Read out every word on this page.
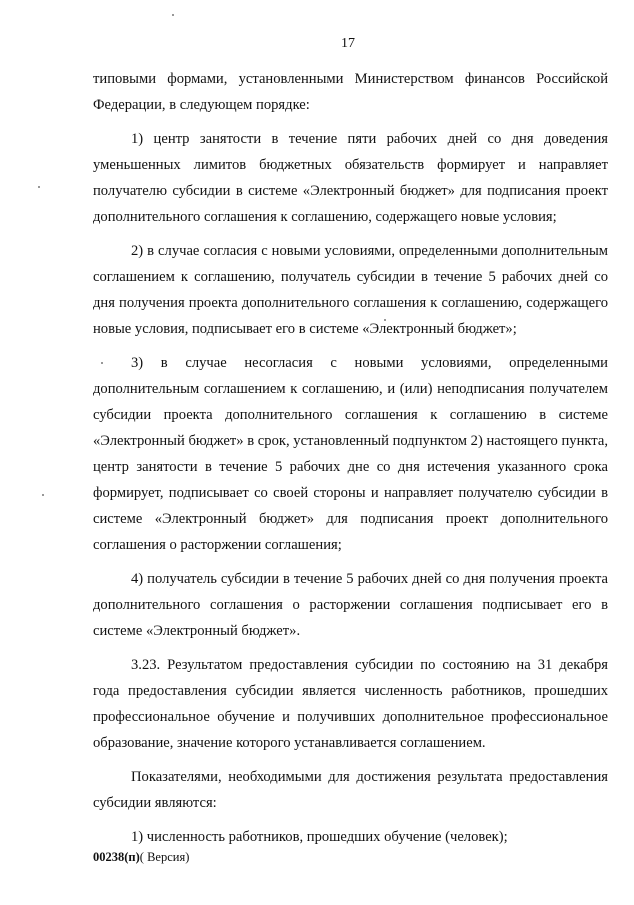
17

типовыми формами, установленными Министерством финансов Российской Федерации, в следующем порядке:

1) центр занятости в течение пяти рабочих дней со дня доведения уменьшенных лимитов бюджетных обязательств формирует и направляет получателю субсидии в системе «Электронный бюджет» для подписания проект дополнительного соглашения к соглашению, содержащего новые условия;

2) в случае согласия с новыми условиями, определенными дополнительным соглашением к соглашению, получатель субсидии в течение 5 рабочих дней со дня получения проекта дополнительного соглашения к соглашению, содержащего новые условия, подписывает его в системе «Электронный бюджет»;

3) в случае несогласия с новыми условиями, определенными дополнительным соглашением к соглашению, и (или) неподписания получателем субсидии проекта дополнительного соглашения к соглашению в системе «Электронный бюджет» в срок, установленный подпунктом 2) настоящего пункта, центр занятости в течение 5 рабочих дне со дня истечения указанного срока формирует, подписывает со своей стороны и направляет получателю субсидии в системе «Электронный бюджет» для подписания проект дополнительного соглашения о расторжении соглашения;

4) получатель субсидии в течение 5 рабочих дней со дня получения проекта дополнительного соглашения о расторжении соглашения подписывает его в системе «Электронный бюджет».

3.23. Результатом предоставления субсидии по состоянию на 31 декабря года предоставления субсидии является численность работников, прошедших профессиональное обучение и получивших дополнительное профессиональное образование, значение которого устанавливается соглашением.

Показателями, необходимыми для достижения результата предоставления субсидии являются:

1) численность работников, прошедших обучение (человек);

00238(п)( Версия)
